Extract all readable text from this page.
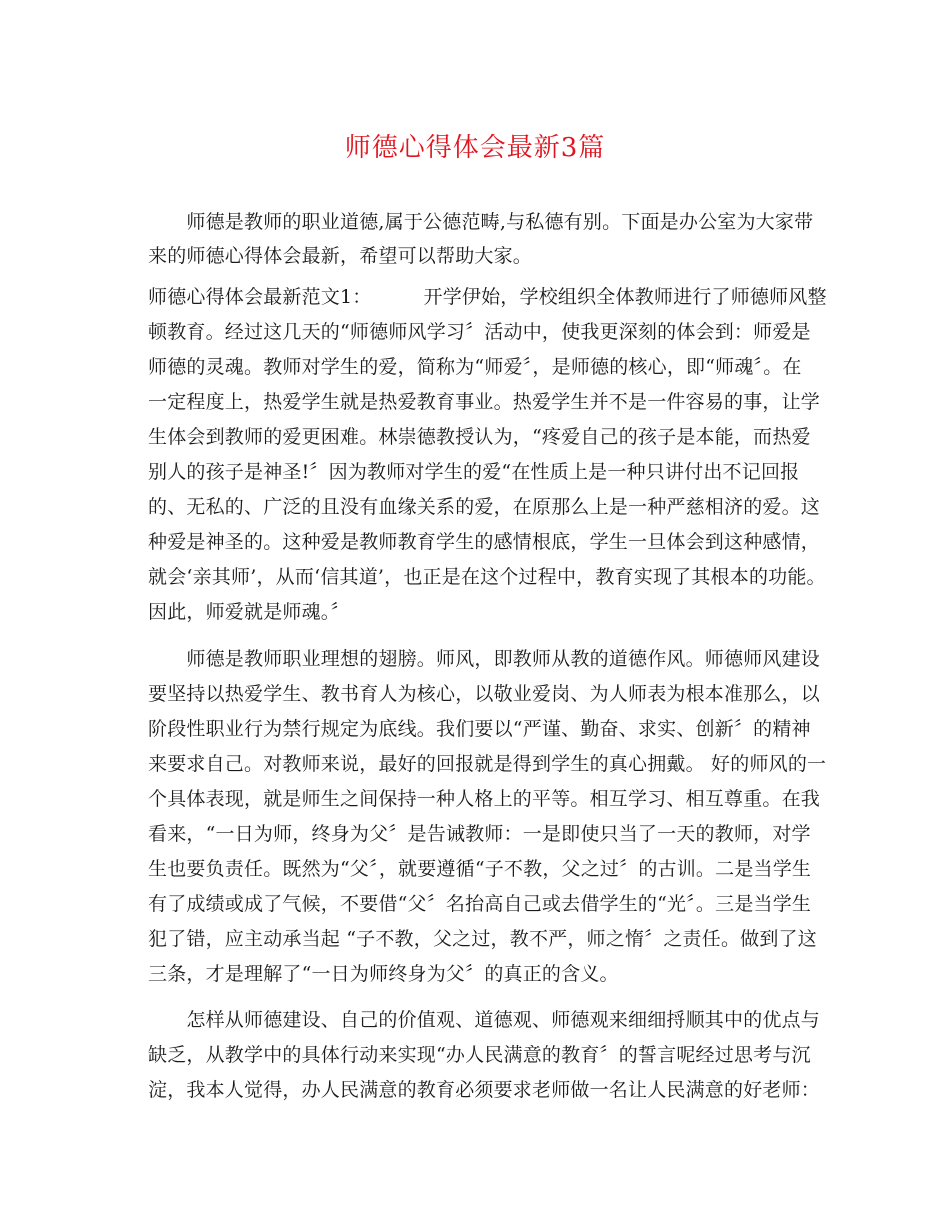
师德心得体会最新3篇
　　师德是教师的职业道德,属于公德范畴,与私德有别。下面是办公室为大家带
来的师德心得体会最新，希望可以帮助大家。
师德心得体会最新范文1：	开学伊始，学校组织全体教师进行了师德师风整
顿教育。经过这几天的“师德师风学习〞活动中，使我更深刻的体会到：师爱是
师德的灵魂。教师对学生的爱，简称为“师爱〞，是师德的核心，即“师魂〞。在
一定程度上，热爱学生就是热爱教育事业。热爱学生并不是一件容易的事，让学
生体会到教师的爱更困难。林崇德教授认为，“疼爱自己的孩子是本能，而热爱
别人的孩子是神圣!〞因为教师对学生的爱“在性质上是一种只讲付出不记回报
的、无私的、广泛的且没有血缘关系的爱，在原那么上是一种严慈相济的爱。这
种爱是神圣的。这种爱是教师教育学生的感情根底，学生一旦体会到这种感情，
就会‘亲其师’，从而‘信其道’，也正是在这个过程中，教育实现了其根本的功能。
因此，师爱就是师魂。〞
　　师德是教师职业理想的翅膀。师风，即教师从教的道德作风。师德师风建设
要坚持以热爱学生、教书育人为核心，以敬业爱岗、为人师表为根本准那么，以
阶段性职业行为禁行规定为底线。我们要以“严谨、勤奋、求实、创新〞的精神
来要求自己。对教师来说，最好的回报就是得到学生的真心拥戴。 好的师风的一
个具体表现，就是师生之间保持一种人格上的平等。相互学习、相互尊重。在我
看来，“一日为师，终身为父〞是告诫教师：一是即使只当了一天的教师，对学
生也要负责任。既然为“父〞，就要遵循“子不教，父之过〞的古训。二是当学生
有了成绩或成了气候，不要借“父〞名抬高自己或去借学生的“光〞。三是当学生
犯了错，应主动承当起 “子不教，父之过，教不严，师之惰〞之责任。做到了这
三条，才是理解了“一日为师终身为父〞的真正的含义。
　　怎样从师德建设、自己的价值观、道德观、师德观来细细捋顺其中的优点与
缺乏，从教学中的具体行动来实现“办人民满意的教育〞的誓言呢经过思考与沉
淀，我本人觉得，办人民满意的教育必须要求老师做一名让人民满意的好老师：
